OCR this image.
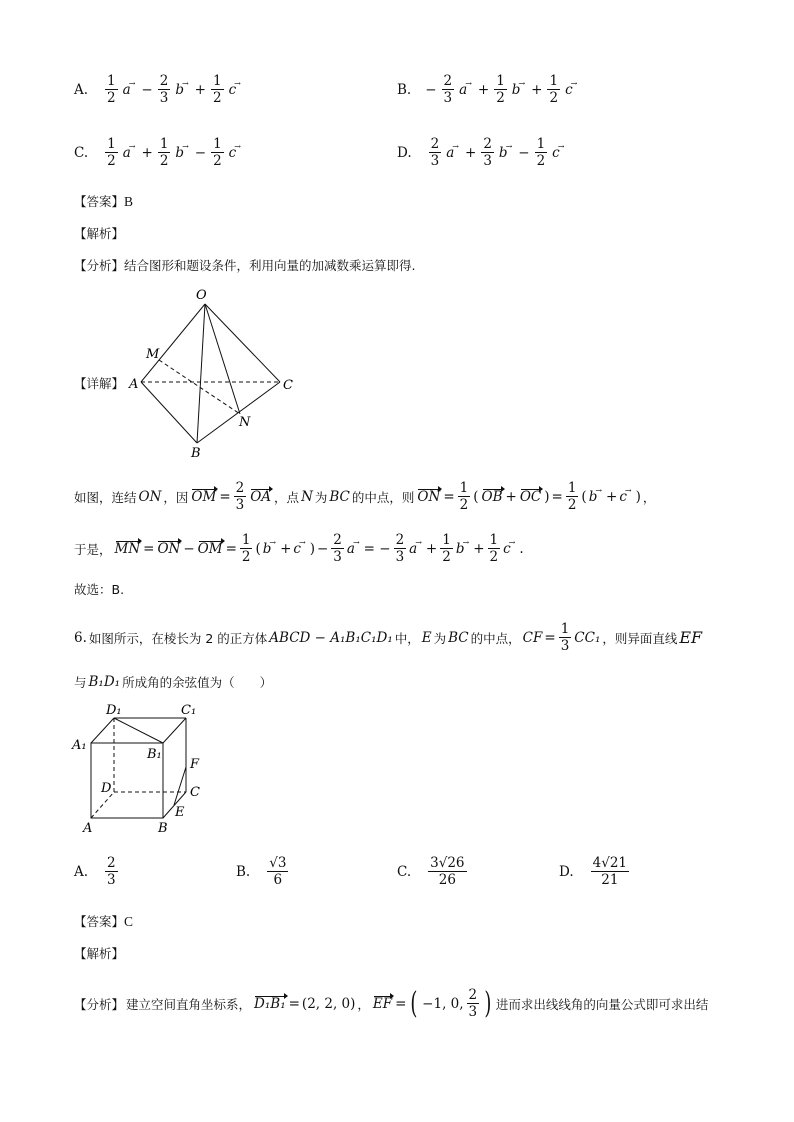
A. $\frac{1}{2}$ a → − $\frac{2}{3}$ b → + $\frac{1}{2}$ c →	B. − $\frac{2}{3}$ a → + $\frac{1}{2}$ b → + $\frac{1}{2}$ c →
C. $\frac{1}{2}$ a → + $\frac{1}{2}$ b → − $\frac{1}{2}$ c →	D. $\frac{2}{3}$ a → + $\frac{2}{3}$ b → − $\frac{1}{2}$ c →
【答案】B
【解析】
【分析】结合图形和题设条件，利用向量的加减数乘运算即得.
【详解】
O
M
A	C
N
B
如图，连结 ON ，因 OM = $\frac{2}{3}$ OA ，点 N 为 BC 的中点，则 ON = $\frac{1}{2}$ ( OB + OC ) = $\frac{1}{2}$ ( b → + c → ) ，
于是， MN = ON − OM = $\frac{1}{2}$ ( b → + c → ) − $\frac{2}{3}$ a → = − $\frac{2}{3}$ a → + $\frac{1}{2}$ b → + $\frac{1}{2}$ c → .
故选：B.
6. 如图所示，在棱长为 2 的正方体 ABCD − A₁B₁C₁D₁ 中， E 为 BC 的中点， CF = $\frac{1}{3} CC_1$ ，则异面直线 EF
与 B₁D₁ 所成角的余弦值为（　　）
D₁	C₁
A₁
B₁
F
D	C
E
A	B
A. $\frac{2}{3}$	B. $\frac{√3}{6}$	C. $\frac{3√26}{26}$	D. $\frac{4√21}{21}$
【答案】C
【解析】
【分析】 建立空间直角坐标系， D₁B₁ = (2, 2, 0) ， EF = ( −1, 0, $\frac{2}{3}$ ) 进而求出线线角的向量公式即可求出结
